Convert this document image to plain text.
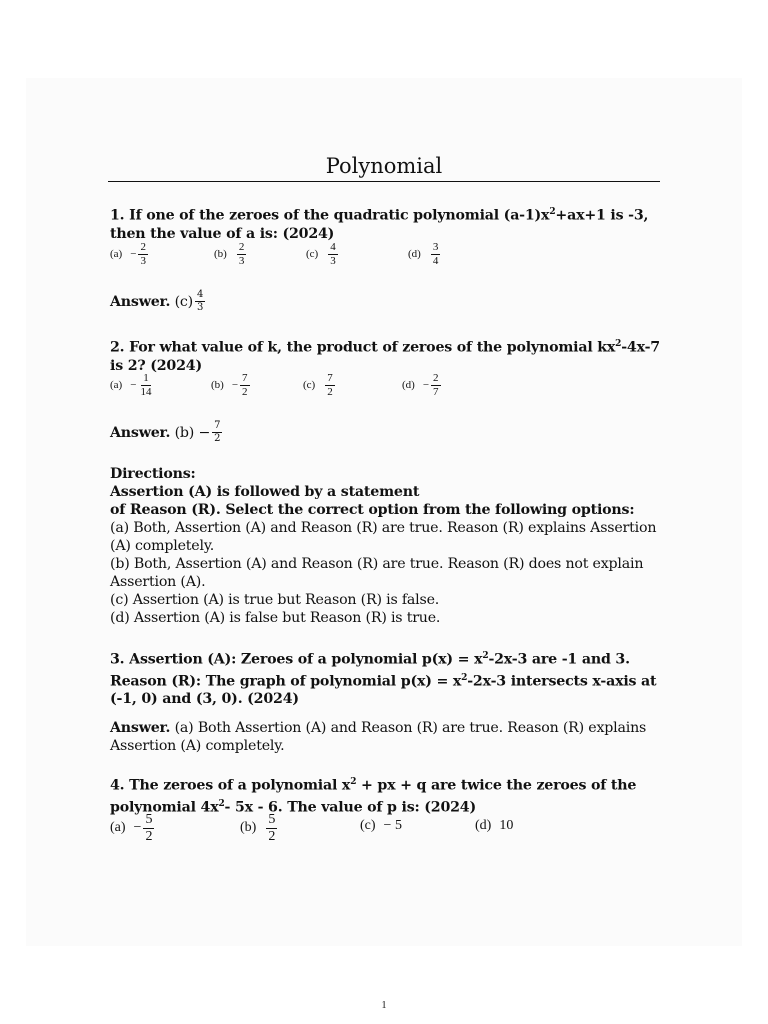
Polynomial
1. If one of the zeroes of the quadratic polynomial $(a-1)x^2+ax+1$ is -3, then the value of a is: (2024)
$(a) - \frac{2}{3}$	$(b) \frac{2}{3}$	$(c) \frac{4}{3}$	$(d) \frac{3}{4}$
Answer.
$(c) \frac{4}{3}$
2. For what value of k, the product of zeroes of the polynomial $kx^2-4x-7$ is 2? (2024)
$(a) - \frac{1}{14}$	$(b) - \frac{7}{2}$	$(c) \frac{7}{2}$	$(d) - \frac{2}{7}$
Answer.
(b)
− $\frac{7}{2}$
Directions:
Assertion (A) is followed by a statement
of Reason (R). Select the correct option from the following options:
(a) Both, Assertion (A) and Reason (R) are true. Reason (R) explains Assertion (A) completely.
(b) Both, Assertion (A) and Reason (R) are true. Reason (R) does not explain Assertion (A).
(c) Assertion (A) is true but Reason (R) is false.
(d) Assertion (A) is false but Reason (R) is true.
3. Assertion (A): Zeroes of a polynomial $p(x) = x^2-2x-3$ are -1 and 3.
Reason (R): The graph of polynomial $p(x) = x^2-2x-3$ intersects x-axis at (-1, 0) and (3, 0). (2024)
Answer. (a) Both Assertion (A) and Reason (R) are true. Reason (R) explains Assertion (A) completely.
4. The zeroes of a polynomial $x^2$ + px + q are twice the zeroes of the polynomial $4x^2-$ 5x - 6. The value of p is: (2024)
$(a) - \frac{5}{2}$	$(b) \frac{5}{2}$	(c) − 5	(d) 10
1
